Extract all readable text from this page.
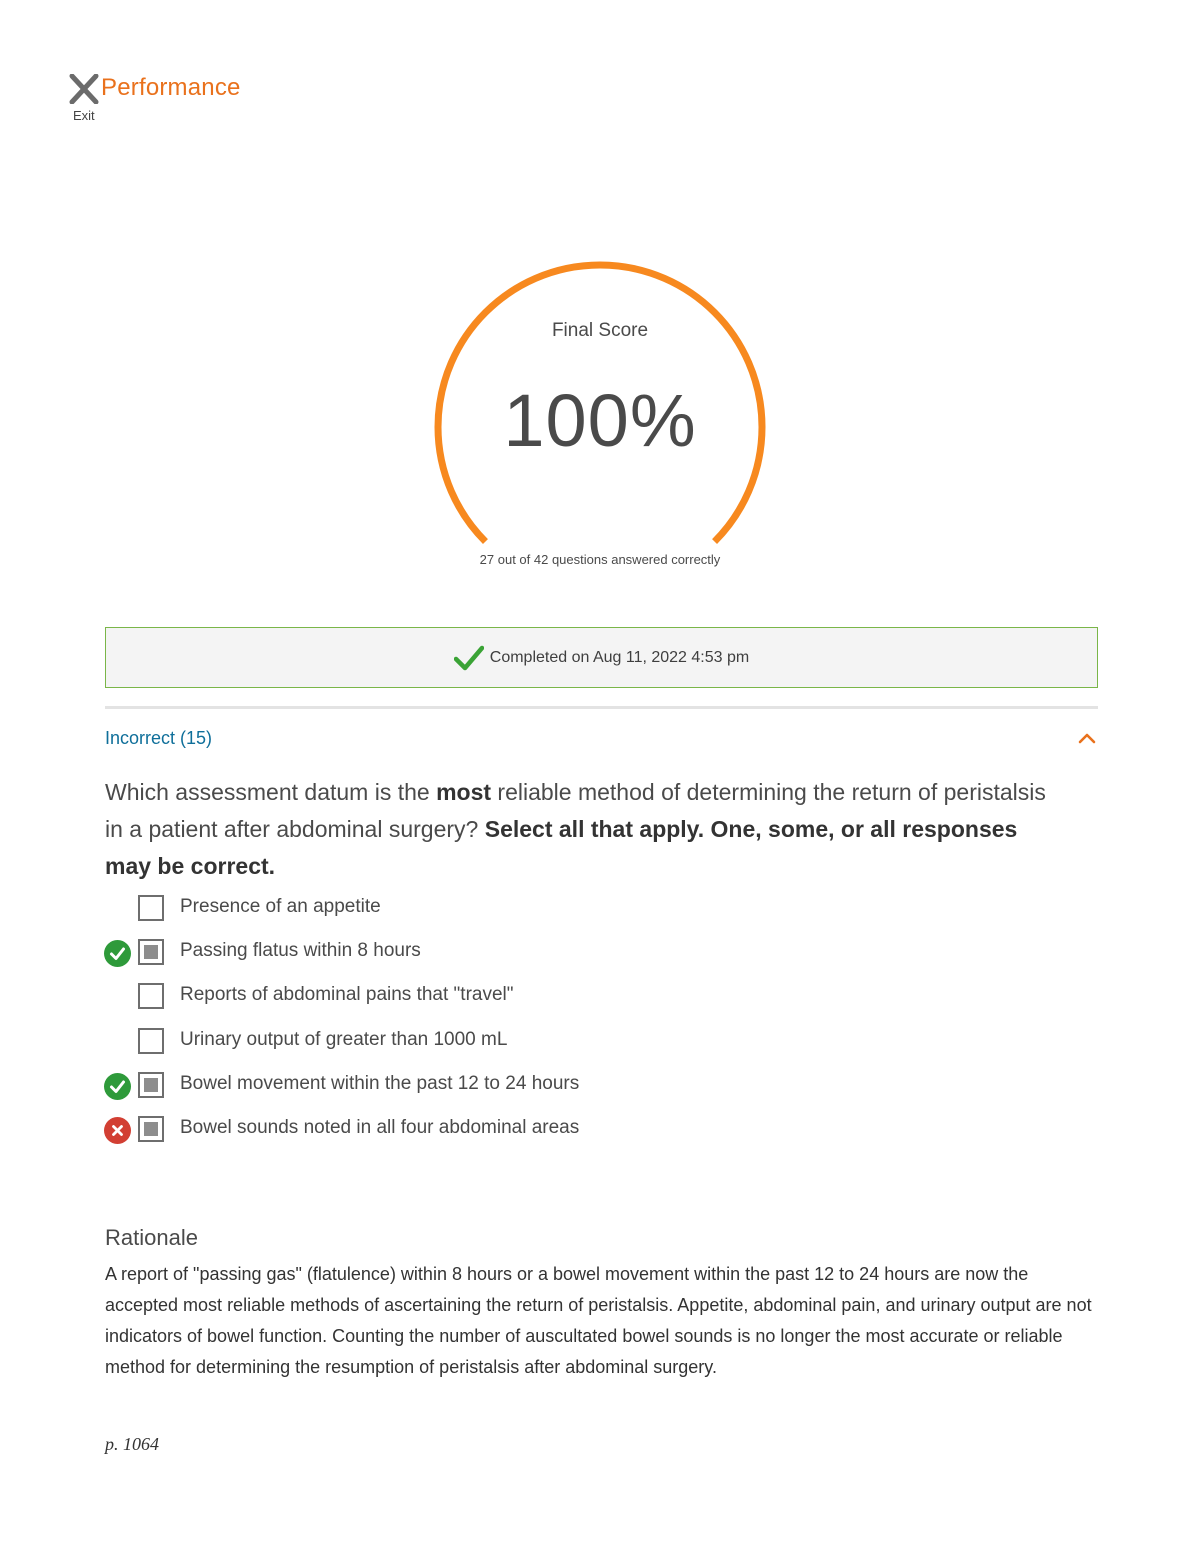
Exit
Performance
Final Score
100%
27 out of 42 questions answered correctly
Completed on Aug 11, 2022 4:53 pm
Incorrect (15)
Which assessment datum is the most reliable method of determining the return of peristalsis in a patient after abdominal surgery? Select all that apply. One, some, or all responses may be correct.
Presence of an appetite
Passing flatus within 8 hours
Reports of abdominal pains that "travel"
Urinary output of greater than 1000 mL
Bowel movement within the past 12 to 24 hours
Bowel sounds noted in all four abdominal areas
Rationale
A report of "passing gas" (flatulence) within 8 hours or a bowel movement within the past 12 to 24 hours are now the accepted most reliable methods of ascertaining the return of peristalsis. Appetite, abdominal pain, and urinary output are not indicators of bowel function. Counting the number of auscultated bowel sounds is no longer the most accurate or reliable method for determining the resumption of peristalsis after abdominal surgery.
p. 1064
